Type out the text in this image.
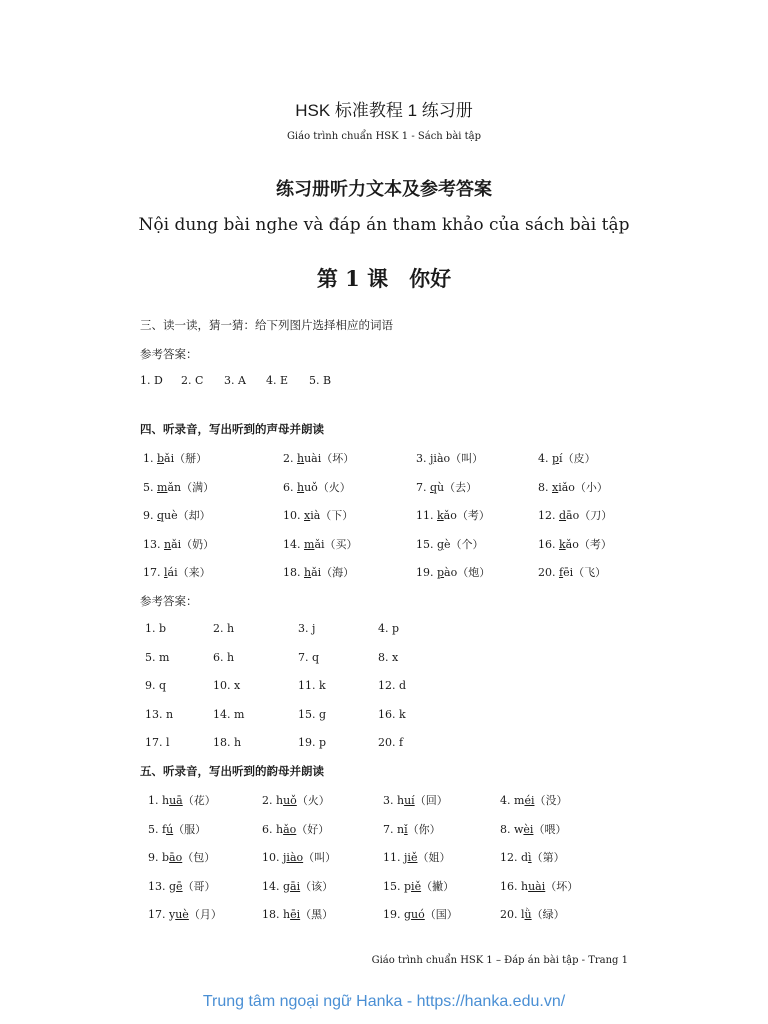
HSK 标准教程 1 练习册
Giáo trình chuẩn HSK 1 - Sách bài tập
练习册听力文本及参考答案
Nội dung bài nghe và đáp án tham khảo của sách bài tập
第 1 课　你好
三、读一读，猜一猜：给下列图片选择相应的词语
参考答案：
1. D 2. C 3. A 4. E 5. B
四、听录音，写出听到的声母并朗读
1. bǎi（掰）	2. huài（坏）	3. jiào（叫）	4. pí（皮）
5. mǎn（满）	6. huǒ（火）	7. qù（去）	8. xiǎo（小）
9. què（却）	10. xià（下）	11. kǎo（考）	12. dāo（刀）
13. nǎi（奶）	14. mǎi（买）	15. gè（个）	16. kǎo（考）
17. lái（来）	18. hǎi（海）	19. pào（炮）	20. fēi（飞）
参考答案：
1. b	2. h	3. j	4. p
5. m	6. h	7. q	8. x
9. q	10. x	11. k	12. d
13. n	14. m	15. g	16. k
17. l	18. h	19. p	20. f
五、听录音，写出听到的韵母并朗读
1. huā（花）	2. huǒ（火）	3. huí（回）	4. méi（没）
5. fú（服）	6. hǎo（好）	7. nǐ（你）	8. wèi（喂）
9. bāo（包）	10. jiào（叫）	11. jiě（姐）	12. dì（第）
13. gē（哥）	14. gāi（该）	15. piě（撇）	16. huài（坏）
17. yuè（月）	18. hēi（黑）	19. guó（国）	20. lǜ（绿）
Giáo trình chuẩn HSK 1 – Đáp án bài tập - Trang 1
Trung tâm ngoại ngữ Hanka - https://hanka.edu.vn/
